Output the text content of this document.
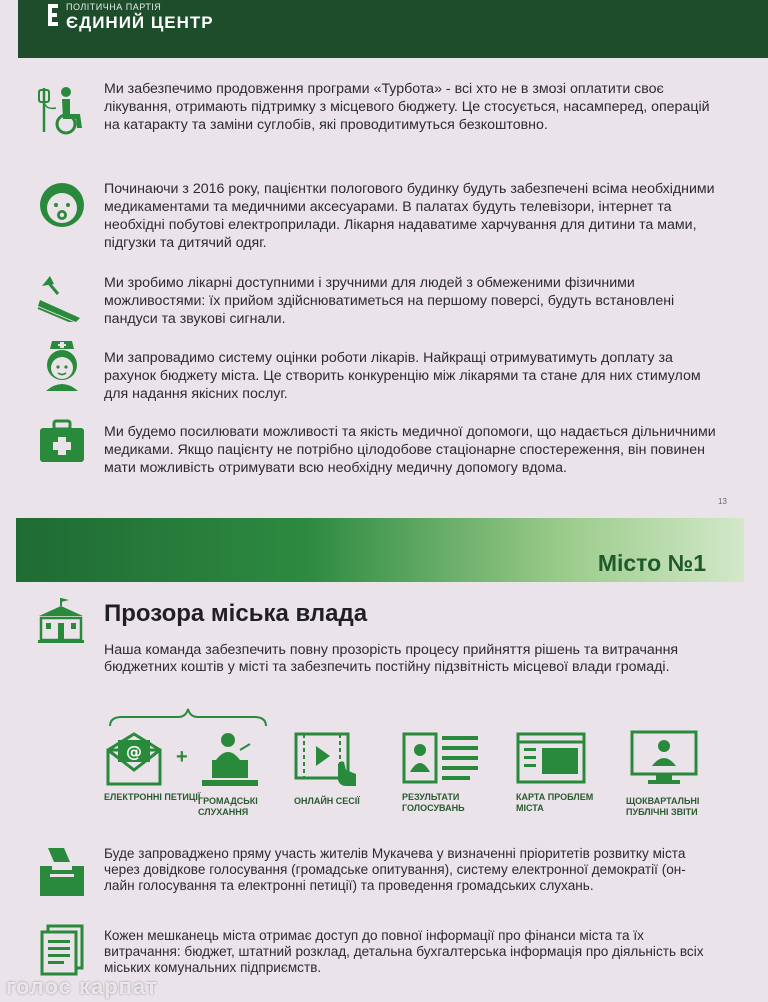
ПОЛІТИЧНА ПАРТІЯ
ЄДИНИЙ ЦЕНТР

Ми забезпечимо продовження програми «Турбота» - всі хто не в змозі оплатити своє лікування, отримають підтримку з місцевого бюджету. Це стосується, насамперед, операцій на катаракту та заміни суглобів, які проводитимуться безкоштовно.

Починаючи з 2016 року, пацієнтки пологового будинку будуть забезпечені всіма необхідними медикаментами та медичними аксесуарами. В палатах будуть телевізори, інтернет та необхідні побутові електроприлади. Лікарня надаватиме харчування для дитини та мами, підгузки та дитячий одяг.

Ми зробимо лікарні доступними і зручними для людей з обмеженими фізичними можливостями: їх прийом здійснюватиметься на першому поверсі, будуть встановлені пандуси та звукові сигнали.

Ми запровадимо систему оцінки роботи лікарів. Найкращі отримуватимуть доплату за рахунок бюджету міста. Це створить конкуренцію між лікарями та стане для них стимулом для надання якісних послуг.

Ми будемо посилювати можливості та якість медичної допомоги, що надається дільничними медиками. Якщо пацієнту не потрібно цілодобове стаціонарне спостереження, він повинен мати можливість отримувати всю необхідну медичну допомогу вдома.

13
Місто №1
Прозора міська влада

Наша команда забезпечить повну прозорість процесу прийняття рішень та витрачання бюджетних коштів у місті та забезпечить постійну підзвітність місцевої влади громаді.

@
ЕЛЕКТРОННІ ПЕТИЦІЇ
+
ГРОМАДСЬКІ СЛУХАННЯ
ОНЛАЙН СЕСІЇ	РЕЗУЛЬТАТИ ГОЛОСУВАНЬ
КАРТА ПРОБЛЕМ МІСТА
ЩОКВАРТАЛЬНІ ПУБЛІЧНІ ЗВІТИ

Буде запроваджено пряму участь жителів Мукачева у визначенні пріоритетів розвитку міста через довідкове голосування (громадське опитування), систему електронної демократії (он-лайн голосування та електронні петиції) та проведення громадських слухань.

Кожен мешканець міста отримає доступ до повної інформації про фінанси міста та їх витрачання: бюджет, штатний розклад, детальна бухгалтерська інформація про діяльність всіх міських комунальних підприємств.

голос карпат
